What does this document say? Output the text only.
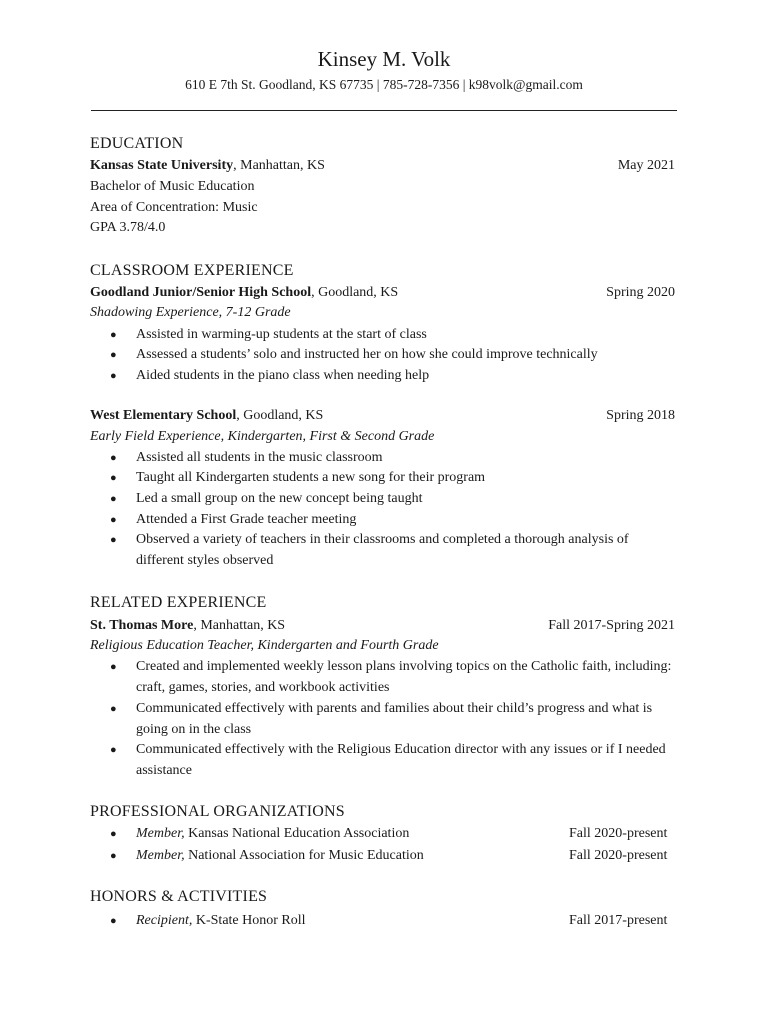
Kinsey M. Volk
610 E 7th St. Goodland, KS 67735 | 785-728-7356 | k98volk@gmail.com
EDUCATION
Kansas State University, Manhattan, KS	May 2021
Bachelor of Music Education
Area of Concentration: Music
GPA 3.78/4.0
CLASSROOM EXPERIENCE
Goodland Junior/Senior High School, Goodland, KS	Spring 2020
Shadowing Experience, 7-12 Grade
● Assisted in warming-up students at the start of class
● Assessed a students’ solo and instructed her on how she could improve technically
● Aided students in the piano class when needing help
West Elementary School, Goodland, KS	Spring 2018
Early Field Experience, Kindergarten, First & Second Grade
● Assisted all students in the music classroom
● Taught all Kindergarten students a new song for their program
● Led a small group on the new concept being taught
● Attended a First Grade teacher meeting
● Observed a variety of teachers in their classrooms and completed a thorough analysis of different styles observed
RELATED EXPERIENCE
St. Thomas More, Manhattan, KS	Fall 2017-Spring 2021
Religious Education Teacher, Kindergarten and Fourth Grade
● Created and implemented weekly lesson plans involving topics on the Catholic faith, including: craft, games, stories, and workbook activities
● Communicated effectively with parents and families about their child’s progress and what is going on in the class
● Communicated effectively with the Religious Education director with any issues or if I needed assistance
PROFESSIONAL ORGANIZATIONS
● Member, Kansas National Education Association	Fall 2020-present
● Member, National Association for Music Education	Fall 2020-present
HONORS & ACTIVITIES
● Recipient, K-State Honor Roll	Fall 2017-present
